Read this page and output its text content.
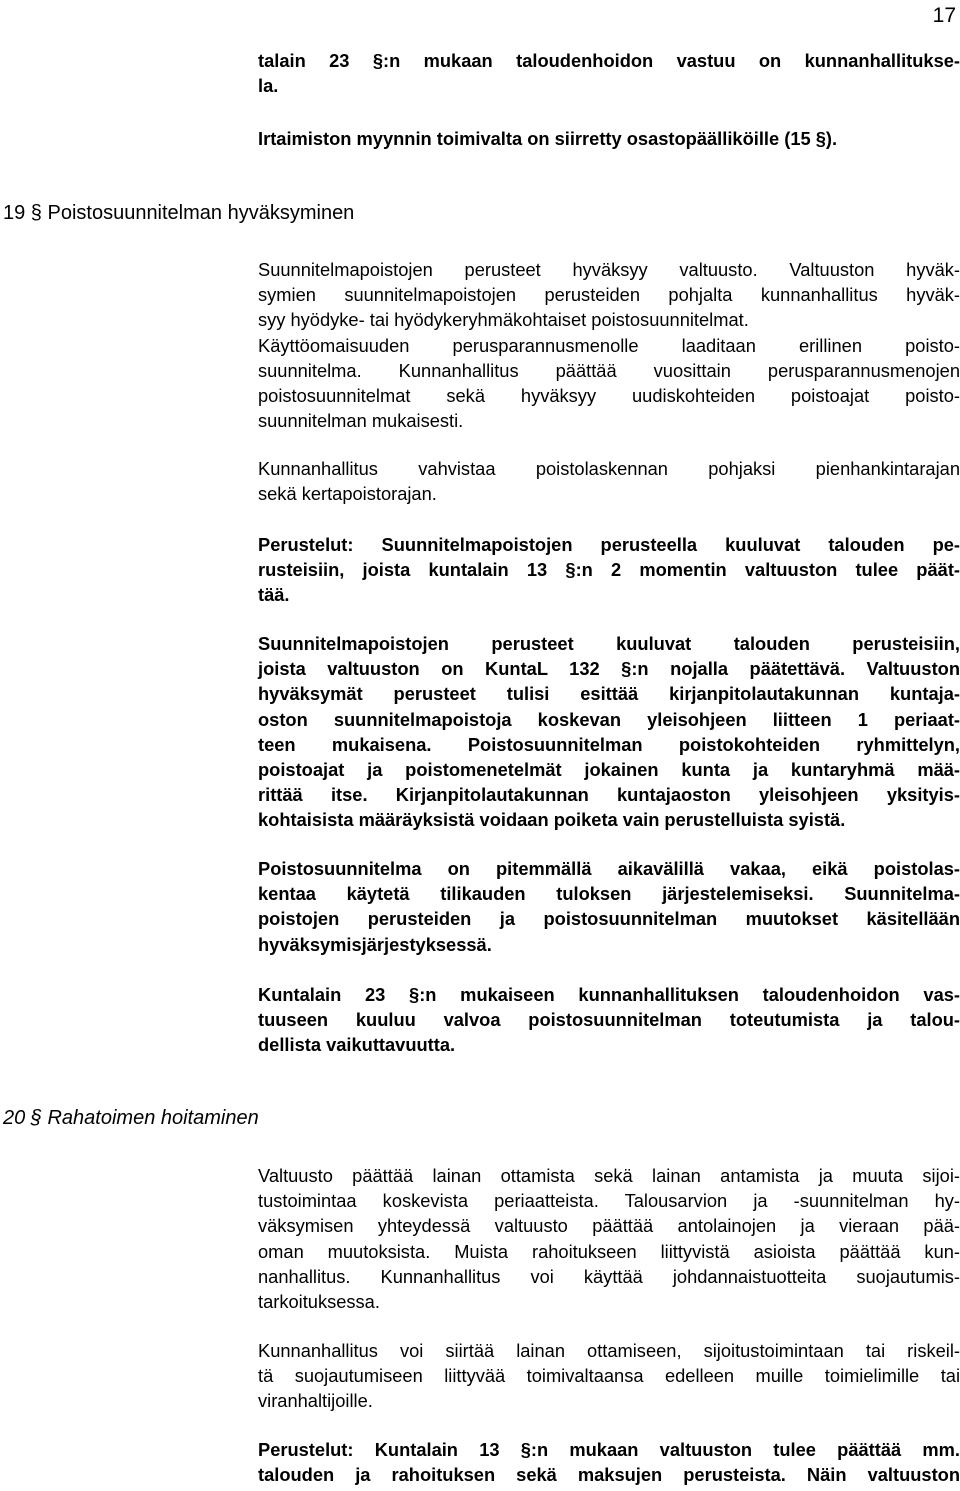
17
talain 23 §:n mukaan taloudenhoidon vastuu on kunnanhallitukse-
la.
Irtaimiston myynnin toimivalta on siirretty osastopäälliköille (15 §).
19 § Poistosuunnitelman hyväksyminen
Suunnitelmapoistojen perusteet hyväksyy valtuusto. Valtuuston hyväk-
symien suunnitelmapoistojen perusteiden pohjalta kunnanhallitus hyväk-
syy hyödyke- tai hyödykeryhmäkohtaiset poistosuunnitelmat.
Käyttöomaisuuden perusparannusmenolle laaditaan erillinen poisto-
suunnitelma. Kunnanhallitus päättää vuosittain perusparannusmenojen
poistosuunnitelmat sekä hyväksyy uudiskohteiden poistoajat poisto-
suunnitelman mukaisesti.
Kunnanhallitus vahvistaa poistolaskennan pohjaksi pienhankintarajan
sekä kertapoistorajan.
Perustelut: Suunnitelmapoistojen perusteella kuuluvat talouden pe-
rusteisiin, joista kuntalain 13 §:n 2 momentin valtuuston tulee päät-
tää.
Suunnitelmapoistojen perusteet kuuluvat talouden perusteisiin,
joista valtuuston on KuntaL 132 §:n nojalla päätettävä. Valtuuston
hyväksymät perusteet tulisi esittää kirjanpitolautakunnan kuntaja-
oston suunnitelmapoistoja koskevan yleisohjeen liitteen 1 periaat-
teen mukaisena. Poistosuunnitelman poistokohteiden ryhmittelyn,
poistoajat ja poistomenetelmät jokainen kunta ja kuntaryhmä mää-
rittää itse. Kirjanpitolautakunnan kuntajaoston yleisohjeen yksityis-
kohtaisista määräyksistä voidaan poiketa vain perustelluista syistä.
Poistosuunnitelma on pitemmällä aikavälillä vakaa, eikä poistolas-
kentaa käytetä tilikauden tuloksen järjestelemiseksi. Suunnitelma-
poistojen perusteiden ja poistosuunnitelman muutokset käsitellään
hyväksymisjärjestyksessä.
Kuntalain 23 §:n mukaiseen kunnanhallituksen taloudenhoidon vas-
tuuseen kuuluu valvoa poistosuunnitelman toteutumista ja talou-
dellista vaikuttavuutta.
20 § Rahatoimen hoitaminen
Valtuusto päättää lainan ottamista sekä lainan antamista ja muuta sijoi-
tustoimintaa koskevista periaatteista. Talousarvion ja -suunnitelman hy-
väksymisen yhteydessä valtuusto päättää antolainojen ja vieraan pää-
oman muutoksista. Muista rahoitukseen liittyvistä asioista päättää kun-
nanhallitus. Kunnanhallitus voi käyttää johdannaistuotteita suojautumis-
tarkoituksessa.
Kunnanhallitus voi siirtää lainan ottamiseen, sijoitustoimintaan tai riskeil-
tä suojautumiseen liittyvää toimivaltaansa edelleen muille toimielimille tai
viranhaltijoille.
Perustelut: Kuntalain 13 §:n mukaan valtuuston tulee päättää mm.
talouden ja rahoituksen sekä maksujen perusteista. Näin valtuuston
